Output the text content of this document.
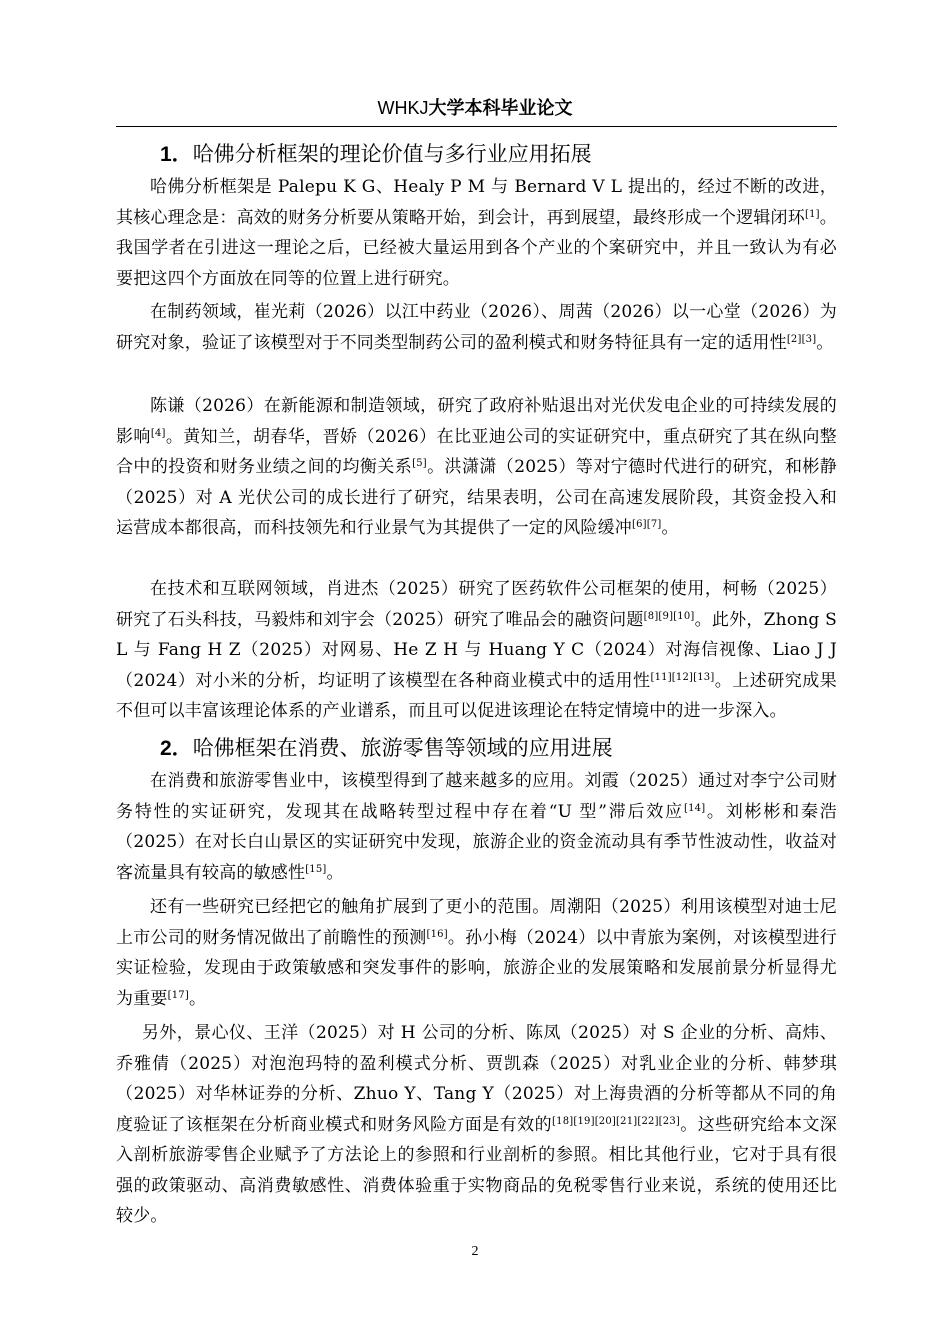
WHKJ大学本科毕业论文
1．哈佛分析框架的理论价值与多行业应用拓展

哈佛分析框架是 Palepu K G、Healy P M 与 Bernard V L 提出的，经过不断的改进，其核心理念是：高效的财务分析要从策略开始，到会计，再到展望，最终形成一个逻辑闭环[1]。我国学者在引进这一理论之后，已经被大量运用到各个产业的个案研究中，并且一致认为有必要把这四个方面放在同等的位置上进行研究。

在制药领域，崔光莉（2026）以江中药业（2026）、周茜（2026）以一心堂（2026）为研究对象，验证了该模型对于不同类型制药公司的盈利模式和财务特征具有一定的适用性[2][3]。

陈谦（2026）在新能源和制造领域，研究了政府补贴退出对光伏发电企业的可持续发展的影响[4]。黄知兰，胡春华，晋娇（2026）在比亚迪公司的实证研究中，重点研究了其在纵向整合中的投资和财务业绩之间的均衡关系[5]。洪潇潇（2025）等对宁德时代进行的研究，和彬静（2025）对 A 光伏公司的成长进行了研究，结果表明，公司在高速发展阶段，其资金投入和运营成本都很高，而科技领先和行业景气为其提供了一定的风险缓冲[6][7]。

在技术和互联网领域，肖进杰（2025）研究了医药软件公司框架的使用，柯畅（2025）研究了石头科技，马毅炜和刘宇会（2025）研究了唯品会的融资问题[8][9][10]。此外，Zhong S L 与 Fang H Z（2025）对网易、He Z H 与 Huang Y C（2024）对海信视像、Liao J J（2024）对小米的分析，均证明了该模型在各种商业模式中的适用性[11][12][13]。上述研究成果不但可以丰富该理论体系的产业谱系，而且可以促进该理论在特定情境中的进一步深入。

2．哈佛框架在消费、旅游零售等领域的应用进展

在消费和旅游零售业中，该模型得到了越来越多的应用。刘霞（2025）通过对李宁公司财务特性的实证研究，发现其在战略转型过程中存在着“U 型”滞后效应[14]。刘彬彬和秦浩（2025）在对长白山景区的实证研究中发现，旅游企业的资金流动具有季节性波动性，收益对客流量具有较高的敏感性[15]。

还有一些研究已经把它的触角扩展到了更小的范围。周潮阳（2025）利用该模型对迪士尼上市公司的财务情况做出了前瞻性的预测[16]。孙小梅（2024）以中青旅为案例，对该模型进行实证检验，发现由于政策敏感和突发事件的影响，旅游企业的发展策略和发展前景分析显得尤为重要[17]。

另外，景心仪、王洋（2025）对 H 公司的分析、陈凤（2025）对 S 企业的分析、高炜、乔雅倩（2025）对泡泡玛特的盈利模式分析、贾凯森（2025）对乳业企业的分析、韩梦琪（2025）对华林证券的分析、Zhuo Y、Tang Y（2025）对上海贵酒的分析等都从不同的角度验证了该框架在分析商业模式和财务风险方面是有效的[18][19][20][21][22][23]。这些研究给本文深入剖析旅游零售企业赋予了方法论上的参照和行业剖析的参照。相比其他行业，它对于具有很强的政策驱动、高消费敏感性、消费体验重于实物商品的免税零售行业来说，系统的使用还比较少。

2
